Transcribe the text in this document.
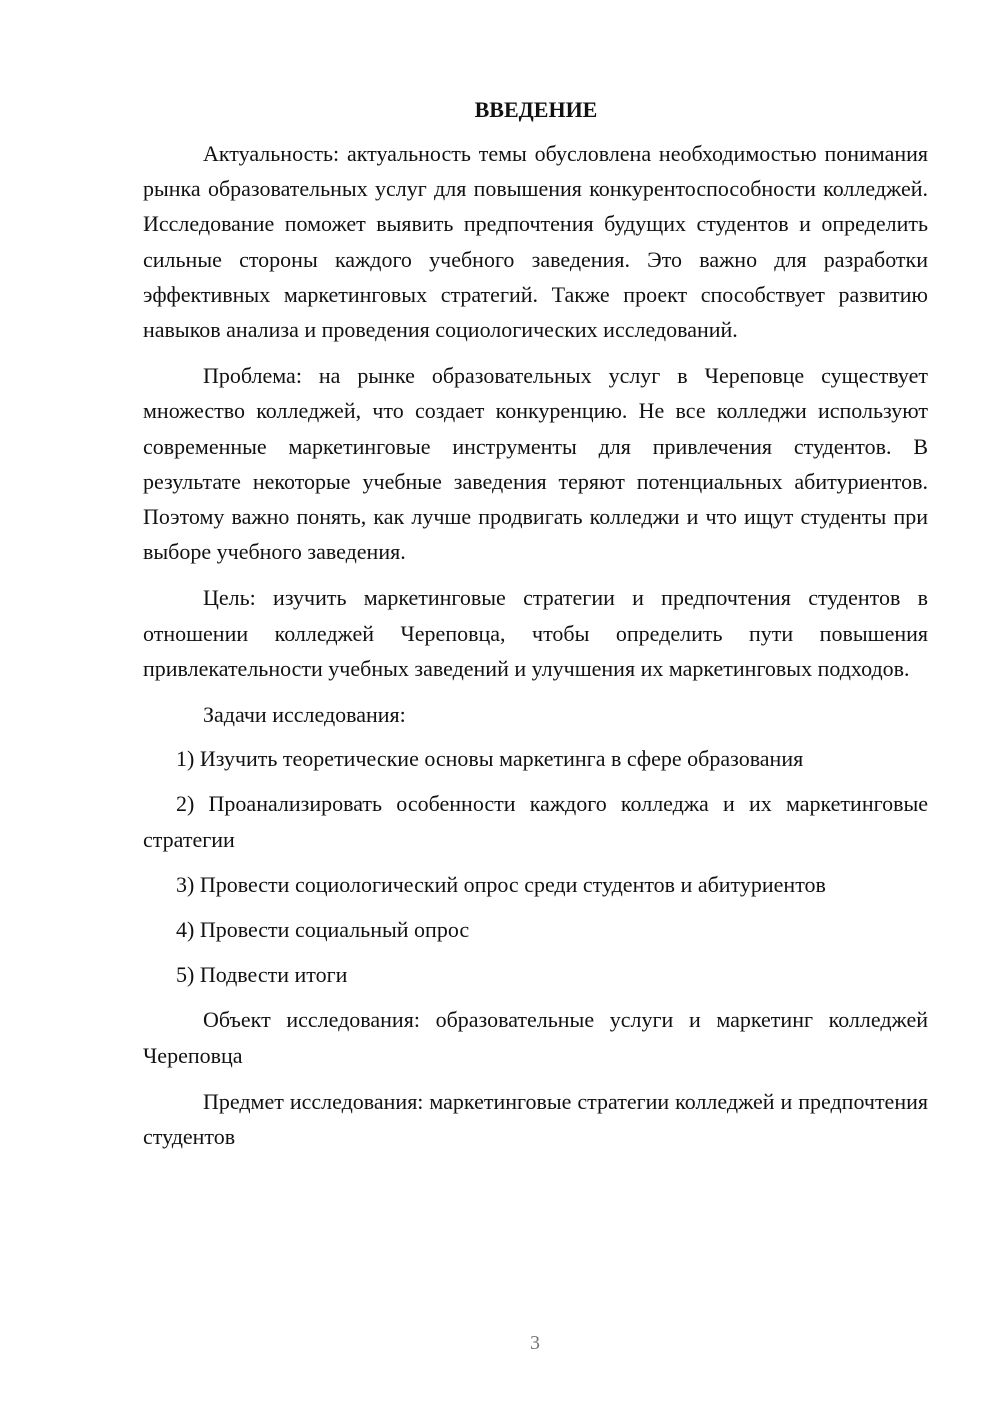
ВВЕДЕНИЕ

Актуальность: актуальность темы обусловлена необходимостью понимания рынка образовательных услуг для повышения конкурентоспособности колледжей. Исследование поможет выявить предпочтения будущих студентов и определить сильные стороны каждого учебного заведения. Это важно для разработки эффективных маркетинговых стратегий. Также проект способствует развитию навыков анализа и проведения социологических исследований.

Проблема: на рынке образовательных услуг в Череповце существует множество колледжей, что создает конкуренцию. Не все колледжи используют современные маркетинговые инструменты для привлечения студентов. В результате некоторые учебные заведения теряют потенциальных абитуриентов. Поэтому важно понять, как лучше продвигать колледжи и что ищут студенты при выборе учебного заведения.

Цель: изучить маркетинговые стратегии и предпочтения студентов в отношении колледжей Череповца, чтобы определить пути повышения привлекательности учебных заведений и улучшения их маркетинговых подходов.

Задачи исследования:

1) Изучить теоретические основы маркетинга в сфере образования

2) Проанализировать особенности каждого колледжа и их маркетинговые стратегии

3) Провести социологический опрос среди студентов и абитуриентов

4) Провести социальный опрос

5) Подвести итоги

Объект исследования: образовательные услуги и маркетинг колледжей Череповца

Предмет исследования: маркетинговые стратегии колледжей и предпочтения студентов

3
